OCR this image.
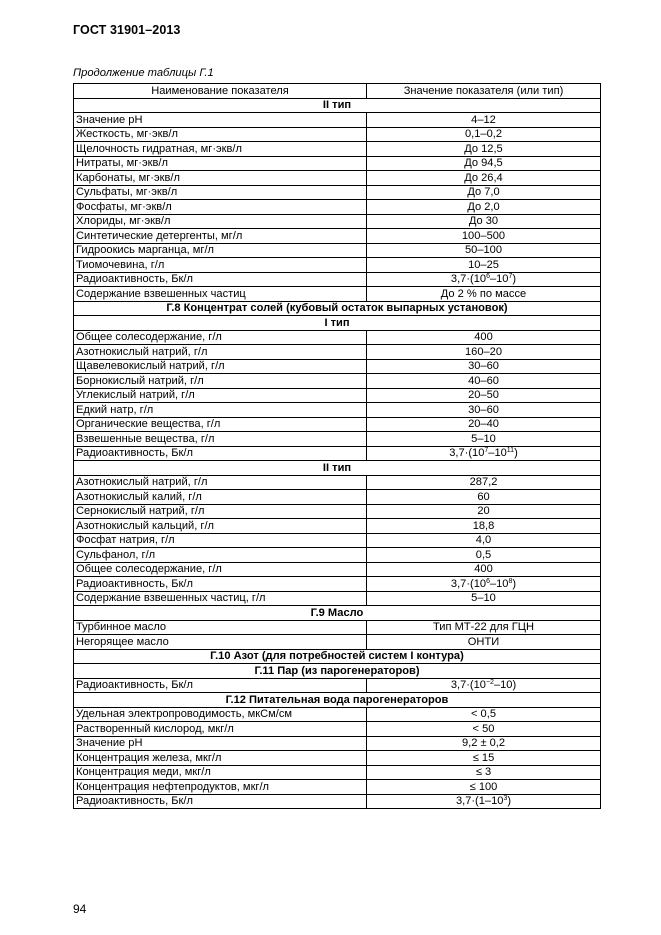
ГОСТ 31901–2013
Продолжение таблицы Г.1
Наименование показателя	Значение показателя (или тип)
II тип	
Значение рН	4–12
Жесткость, мг·экв/л	0,1–0,2
Щелочность гидратная, мг·экв/л	До 12,5
Нитраты, мг·экв/л	До 94,5
Карбонаты, мг·экв/л	До 26,4
Сульфаты, мг·экв/л	До 7,0
Фосфаты, мг·экв/л	До 2,0
Хлориды, мг·экв/л	До 30
Синтетические детергенты, мг/л	100–500
Гидроокись марганца, мг/л	50–100
Тиомочевина, г/л	10–25
Радиоактивность, Бк/л	$3,7\cdot(10^6-10^7)$
Содержание взвешенных частиц	До 2 % по массе
Г.8 Концентрат солей (кубовый остаток выпарных установок)	
I тип	
Общее солесодержание, г/л	400
Азотнокислый натрий, г/л	160–20
Щавелевокислый натрий, г/л	30–60
Борнокислый натрий, г/л	40–60
Углекислый натрий, г/л	20–50
Едкий натр, г/л	30–60
Органические вещества, г/л	20–40
Взвешенные вещества, г/л	5–10
Радиоактивность, Бк/л	$3,7\cdot(10^7-10^{11})$
II тип	
Азотнокислый натрий, г/л	287,2
Азотнокислый калий, г/л	60
Сернокислый натрий, г/л	20
Азотнокислый кальций, г/л	18,8
Фосфат натрия, г/л	4,0
Сульфанол, г/л	0,5
Общее солесодержание, г/л	400
Радиоактивность, Бк/л	$3,7\cdot(10^6-10^8)$
Содержание взвешенных частиц, г/л	5–10
Г.9 Масло	
Турбинное масло	Тип МТ-22 для ГЦН
Негорящее масло	ОНТИ
Г.10 Азот (для потребностей систем I контура)	
Г.11 Пар (из парогенераторов)	
Радиоактивность, Бк/л	$3,7\cdot(10^{-2}-10)$
Г.12 Питательная вода парогенераторов	
Удельная электропроводимость, мкСм/см	< 0,5
Растворенный кислород, мкг/л	< 50
Значение рН	9,2 ± 0,2
Концентрация железа, мкг/л	≤ 15
Концентрация меди, мкг/л	≤ 3
Концентрация нефтепродуктов, мкг/л	≤ 100
Радиоактивность, Бк/л	$3,7\cdot(1-10^3)$
94
